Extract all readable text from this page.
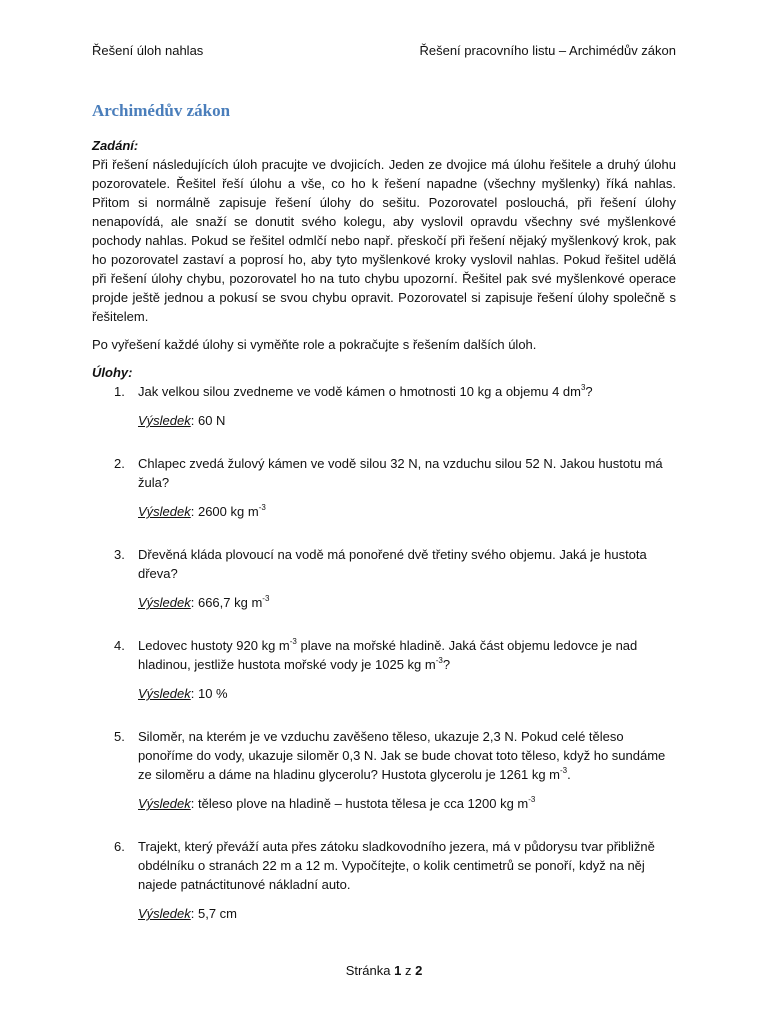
Řešení úloh nahlas	Řešení pracovního listu – Archimédův zákon
Archimédův zákon
Zadání:

Při řešení následujících úloh pracujte ve dvojicích. Jeden ze dvojice má úlohu řešitele a druhý úlohu pozorovatele. Řešitel řeší úlohu a vše, co ho k řešení napadne (všechny myšlenky) říká nahlas. Přitom si normálně zapisuje řešení úlohy do sešitu. Pozorovatel poslouchá, při řešení úlohy nenapovídá, ale snaží se donutit svého kolegu, aby vyslovil opravdu všechny své myšlenkové pochody nahlas. Pokud se řešitel odmlčí nebo např. přeskočí při řešení nějaký myšlenkový krok, pak ho pozorovatel zastaví a poprosí ho, aby tyto myšlenkové kroky vyslovil nahlas. Pokud řešitel udělá při řešení úlohy chybu, pozorovatel ho na tuto chybu upozorní. Řešitel pak své myšlenkové operace projde ještě jednou a pokusí se svou chybu opravit. Pozorovatel si zapisuje řešení úlohy společně s řešitelem.

Po vyřešení každé úlohy si vyměňte role a pokračujte s řešením dalších úloh.

Úlohy:
1. Jak velkou silou zvedneme ve vodě kámen o hmotnosti 10 kg a objemu 4 $dm^3$?

Výsledek: 60 N

2. Chlapec zvedá žulový kámen ve vodě silou 32 N, na vzduchu silou 52 N. Jakou hustotu má žula?

Výsledek: 2600 kg $m^{-3}$

3. Dřevěná kláda plovoucí na vodě má ponořené dvě třetiny svého objemu. Jaká je hustota dřeva?

Výsledek: 666,7 kg $m^{-3}$

4. Ledovec hustoty 920 kg $m^{-3}$ plave na mořské hladině. Jaká část objemu ledovce je nad hladinou, jestliže hustota mořské vody je 1025 kg $m^{-3}$?

Výsledek: 10 %

5. Siloměr, na kterém je ve vzduchu zavěšeno těleso, ukazuje 2,3 N. Pokud celé těleso ponoříme do vody, ukazuje siloměr 0,3 N. Jak se bude chovat toto těleso, když ho sundáme ze siloměru a dáme na hladinu glycerolu? Hustota glycerolu je 1261 kg $m^{-3}$.

Výsledek: těleso plove na hladině – hustota tělesa je cca 1200 kg $m^{-3}$

6. Trajekt, který převáží auta přes zátoku sladkovodního jezera, má v půdorysu tvar přibližně obdélníku o stranách 22 m a 12 m. Vypočítejte, o kolik centimetrů se ponoří, když na něj najede patnáctitunové nákladní auto.

Výsledek: 5,7 cm

Stránka 1 z 2
